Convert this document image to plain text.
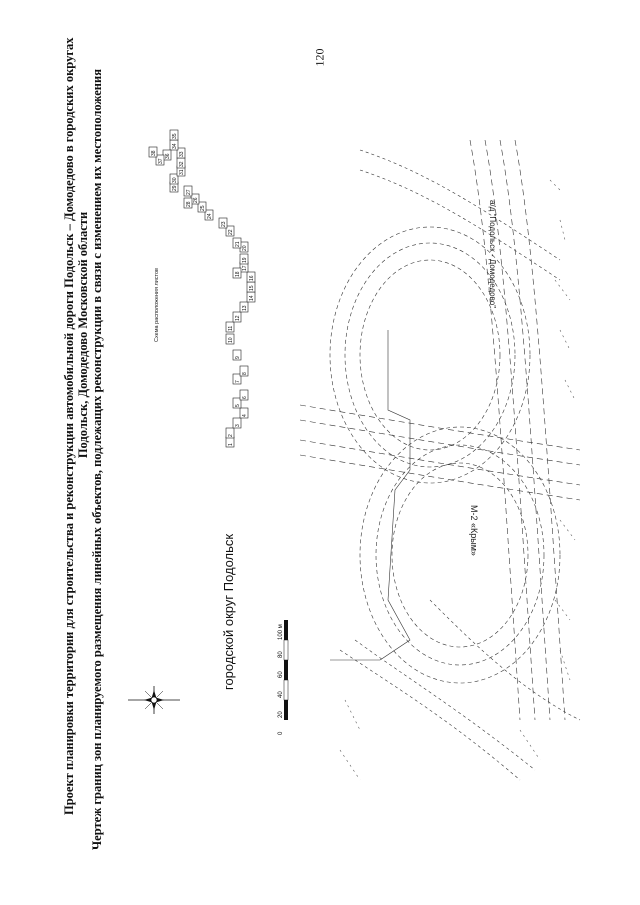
120
Проект планировки территории для строительства и реконструкции автомобильной дороги Подольск – Домодедово в городских округах Подольск, Домодедово Московской области Чертеж границ зон планируемого размещения линейных объектов, подлежащих реконструкции в связи с изменением их местоположения	М-2 «Крым»
а/д "Подольск - Домодедово"
городской округ Подольск
Схема расположения листов
1
2
3
4
5
6
7
8
9
10
11
12
13
14
15
16
17
18
19
20
21
22
23
24
25
26
27
28
29
30
31
32
33
34
35
36
37
38
0
20
40
60
80
100 м
